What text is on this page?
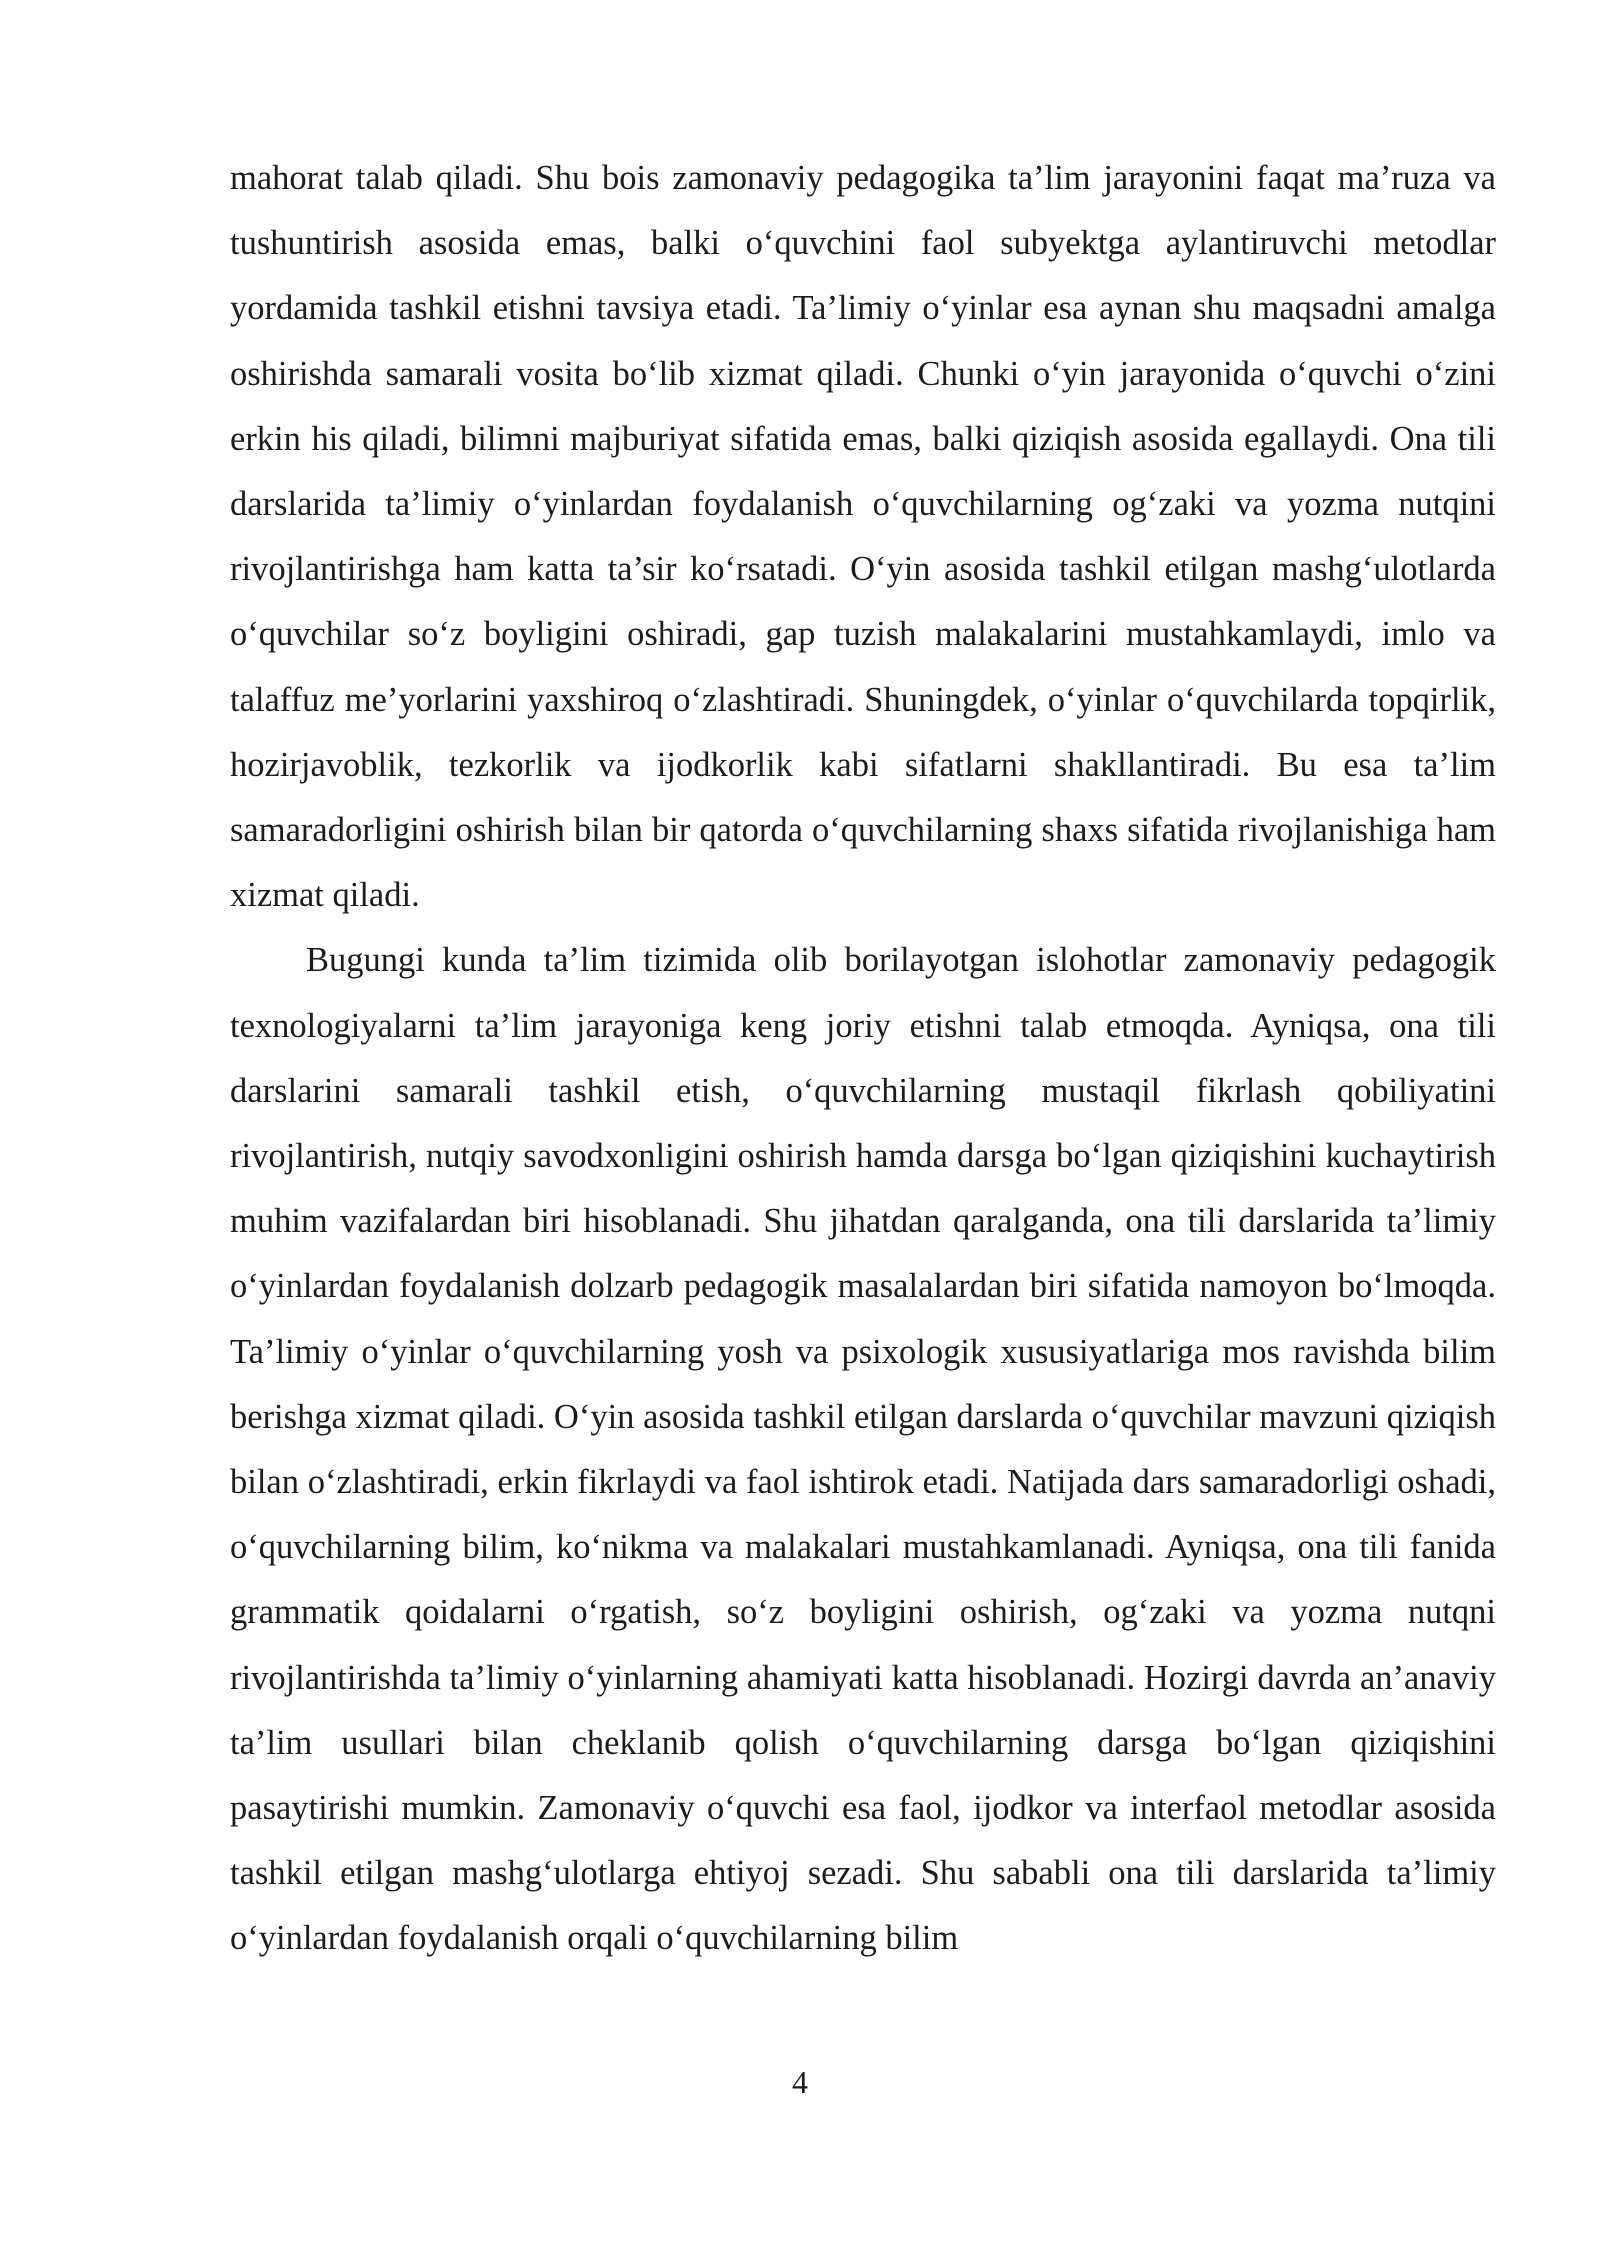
mahorat talab qiladi. Shu bois zamonaviy pedagogika ta’lim jarayonini faqat ma’ruza va tushuntirish asosida emas, balki o‘quvchini faol subyektga aylantiruvchi metodlar yordamida tashkil etishni tavsiya etadi. Ta’limiy o‘yinlar esa aynan shu maqsadni amalga oshirishda samarali vosita bo‘lib xizmat qiladi. Chunki o‘yin jarayonida o‘quvchi o‘zini erkin his qiladi, bilimni majburiyat sifatida emas, balki qiziqish asosida egallaydi. Ona tili darslarida ta’limiy o‘yinlardan foydalanish o‘quvchilarning og‘zaki va yozma nutqini rivojlantirishga ham katta ta’sir ko‘rsatadi. O‘yin asosida tashkil etilgan mashg‘ulotlarda o‘quvchilar so‘z boyligini oshiradi, gap tuzish malakalarini mustahkamlaydi, imlo va talaffuz me’yorlarini yaxshiroq o‘zlashtiradi. Shuningdek, o‘yinlar o‘quvchilarda topqirlik, hozirjavoblik, tezkorlik va ijodkorlik kabi sifatlarni shakllantiradi. Bu esa ta’lim samaradorligini oshirish bilan bir qatorda o‘quvchilarning shaxs sifatida rivojlanishiga ham xizmat qiladi.

Bugungi kunda ta’lim tizimida olib borilayotgan islohotlar zamonaviy pedagogik texnologiyalarni ta’lim jarayoniga keng joriy etishni talab etmoqda. Ayniqsa, ona tili darslarini samarali tashkil etish, o‘quvchilarning mustaqil fikrlash qobiliyatini rivojlantirish, nutqiy savodxonligini oshirish hamda darsga bo‘lgan qiziqishini kuchaytirish muhim vazifalardan biri hisoblanadi. Shu jihatdan qaralganda, ona tili darslarida ta’limiy o‘yinlardan foydalanish dolzarb pedagogik masalalardan biri sifatida namoyon bo‘lmoqda. Ta’limiy o‘yinlar o‘quvchilarning yosh va psixologik xususiyatlariga mos ravishda bilim berishga xizmat qiladi. O‘yin asosida tashkil etilgan darslarda o‘quvchilar mavzuni qiziqish bilan o‘zlashtiradi, erkin fikrlaydi va faol ishtirok etadi. Natijada dars samaradorligi oshadi, o‘quvchilarning bilim, ko‘nikma va malakalari mustahkamlanadi. Ayniqsa, ona tili fanida grammatik qoidalarni o‘rgatish, so‘z boyligini oshirish, og‘zaki va yozma nutqni rivojlantirishda ta’limiy o‘yinlarning ahamiyati katta hisoblanadi. Hozirgi davrda an’anaviy ta’lim usullari bilan cheklanib qolish o‘quvchilarning darsga bo‘lgan qiziqishini pasaytirishi mumkin. Zamonaviy o‘quvchi esa faol, ijodkor va interfaol metodlar asosida tashkil etilgan mashg‘ulotlarga ehtiyoj sezadi. Shu sababli ona tili darslarida ta’limiy o‘yinlardan foydalanish orqali o‘quvchilarning bilim

4
